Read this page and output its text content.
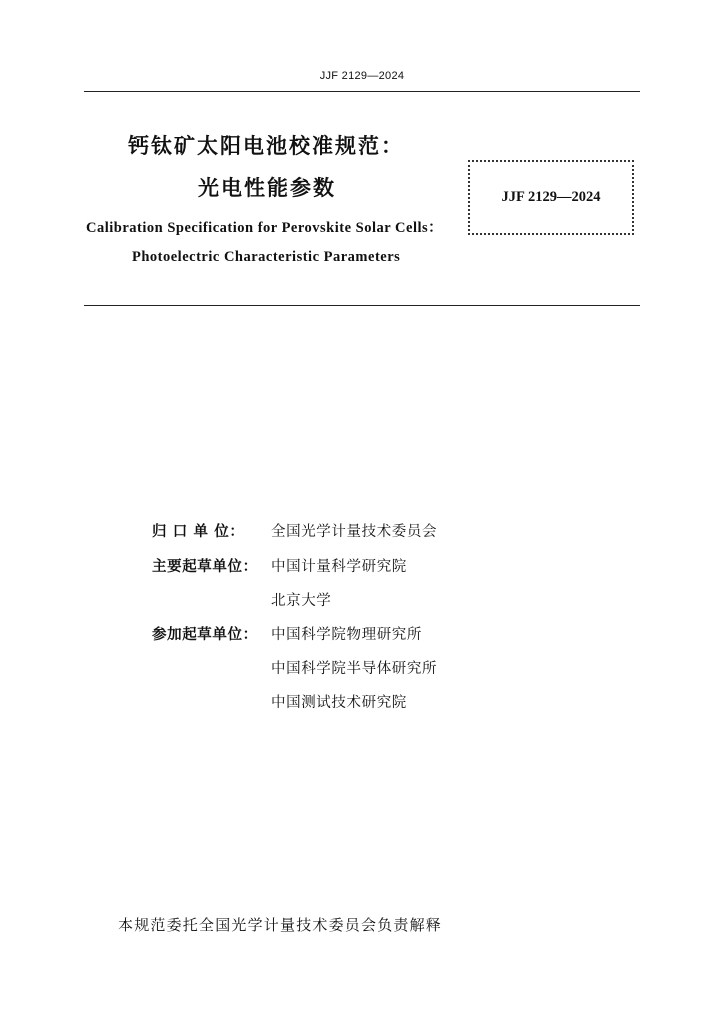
JJF 2129—2024
钙钛矿太阳电池校准规范：
光电性能参数	JJF 2129—2024
Calibration Specification for Perovskite Solar Cells：
Photoelectric Characteristic Parameters
归 口 单 位： 全国光学计量技术委员会
主要起草单位： 中国计量科学研究院
北京大学
参加起草单位： 中国科学院物理研究所
中国科学院半导体研究所
中国测试技术研究院
本规范委托全国光学计量技术委员会负责解释
